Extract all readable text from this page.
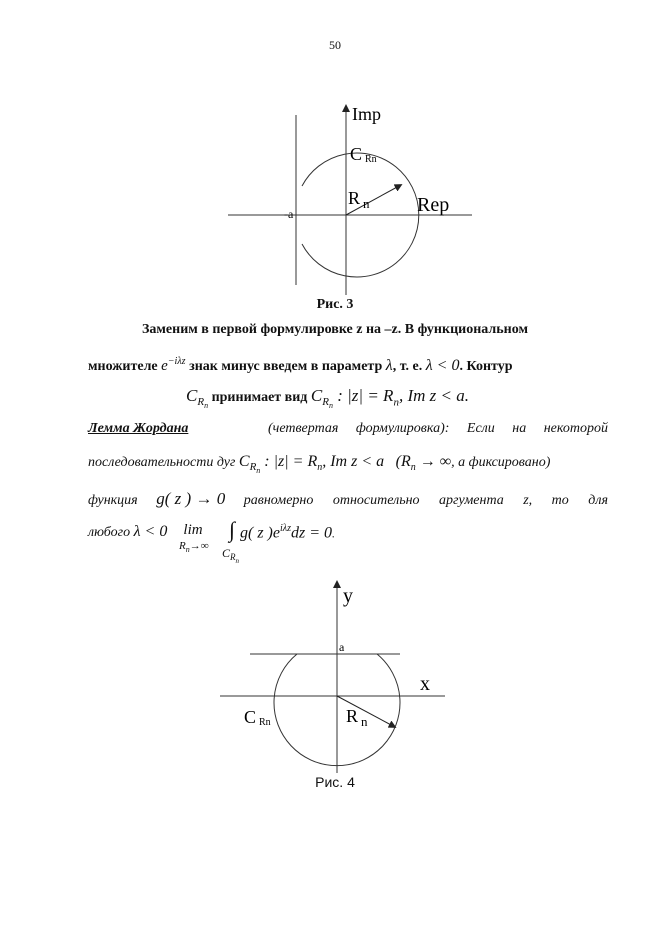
50
Imp
Rep
C Rn
R n
-a
Рис. 3
Заменим в первой формулировке z на –z. В функциональном
множителе $e^{-i\lambda z}$ знак минус введем в параметр λ, т. е. λ < 0. Контур
$C_{R_n}$ принимает вид $C_{R_n}$ : $|z| = R_n$, Im z < a.
Лемма Жордана	(четвертая формулировка): Если на некоторой
последовательности дуг $C_{R_n}$ : $|z| = R_n$, Im z < a ($R_n$ → ∞, а фиксировано)
функция g( z ) → 0 равномерно относительно аргумента z, то для
любого λ < 0	lim
$R_n\to\infty$
∫
$C_{R_n}$
g( z )$e^{i\lambda z}dz = 0$.
y
x
a
C Rn	R n
Рис. 4
